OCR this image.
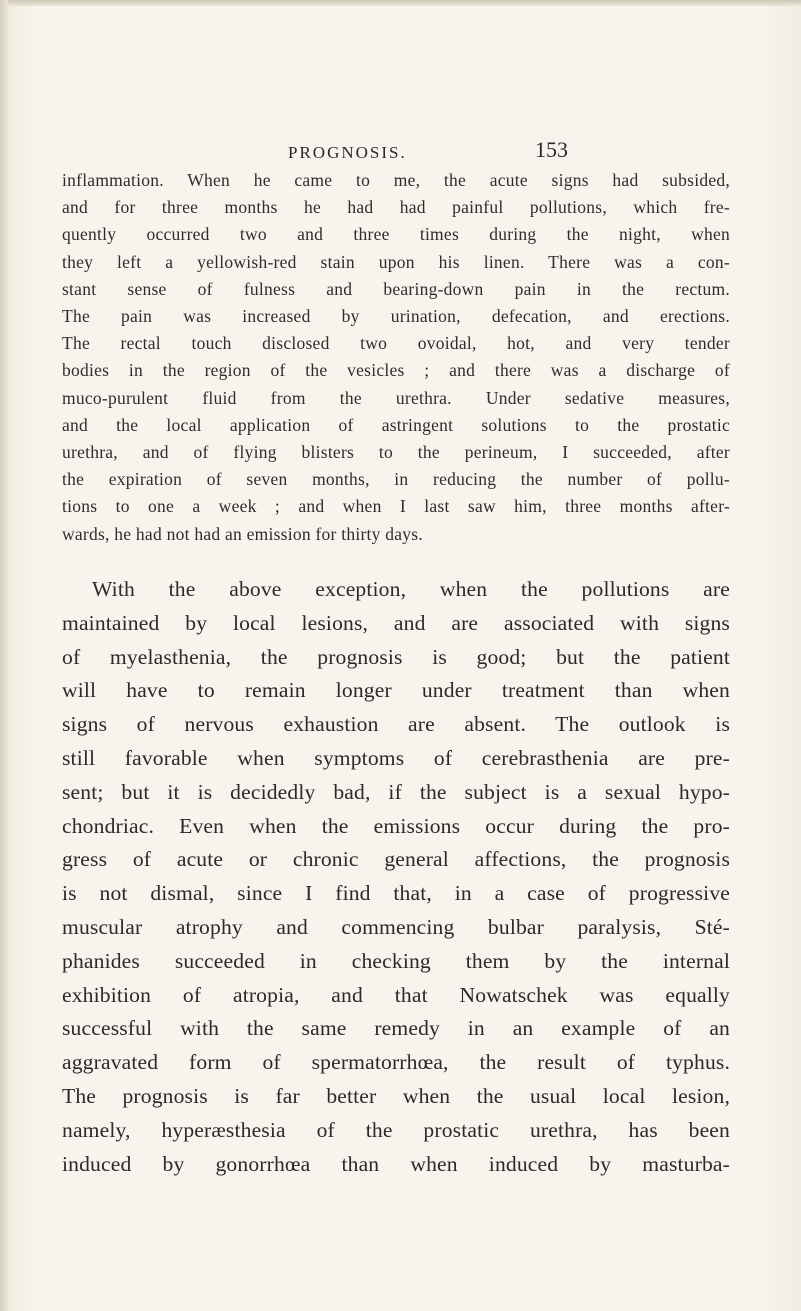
PROGNOSIS.	153
inflammation. When he came to me, the acute signs had subsided,
and for three months he had had painful pollutions, which fre-
quently occurred two and three times during the night, when
they left a yellowish-red stain upon his linen. There was a con-
stant sense of fulness and bearing-down pain in the rectum.
The pain was increased by urination, defecation, and erections.
The rectal touch disclosed two ovoidal, hot, and very tender
bodies in the region of the vesicles ; and there was a discharge of
muco-purulent fluid from the urethra. Under sedative measures,
and the local application of astringent solutions to the prostatic
urethra, and of flying blisters to the perineum, I succeeded, after
the expiration of seven months, in reducing the number of pollu-
tions to one a week ; and when I last saw him, three months after-
wards, he had not had an emission for thirty days.
With the above exception, when the pollutions are
maintained by local lesions, and are associated with signs
of myelasthenia, the prognosis is good; but the patient
will have to remain longer under treatment than when
signs of nervous exhaustion are absent. The outlook is
still favorable when symptoms of cerebrasthenia are pre-
sent; but it is decidedly bad, if the subject is a sexual hypo-
chondriac. Even when the emissions occur during the pro-
gress of acute or chronic general affections, the prognosis
is not dismal, since I find that, in a case of progressive
muscular atrophy and commencing bulbar paralysis, Sté-
phanides succeeded in checking them by the internal
exhibition of atropia, and that Nowatschek was equally
successful with the same remedy in an example of an
aggravated form of spermatorrhœa, the result of typhus.
The prognosis is far better when the usual local lesion,
namely, hyperæsthesia of the prostatic urethra, has been
induced by gonorrhœa than when induced by masturba-
